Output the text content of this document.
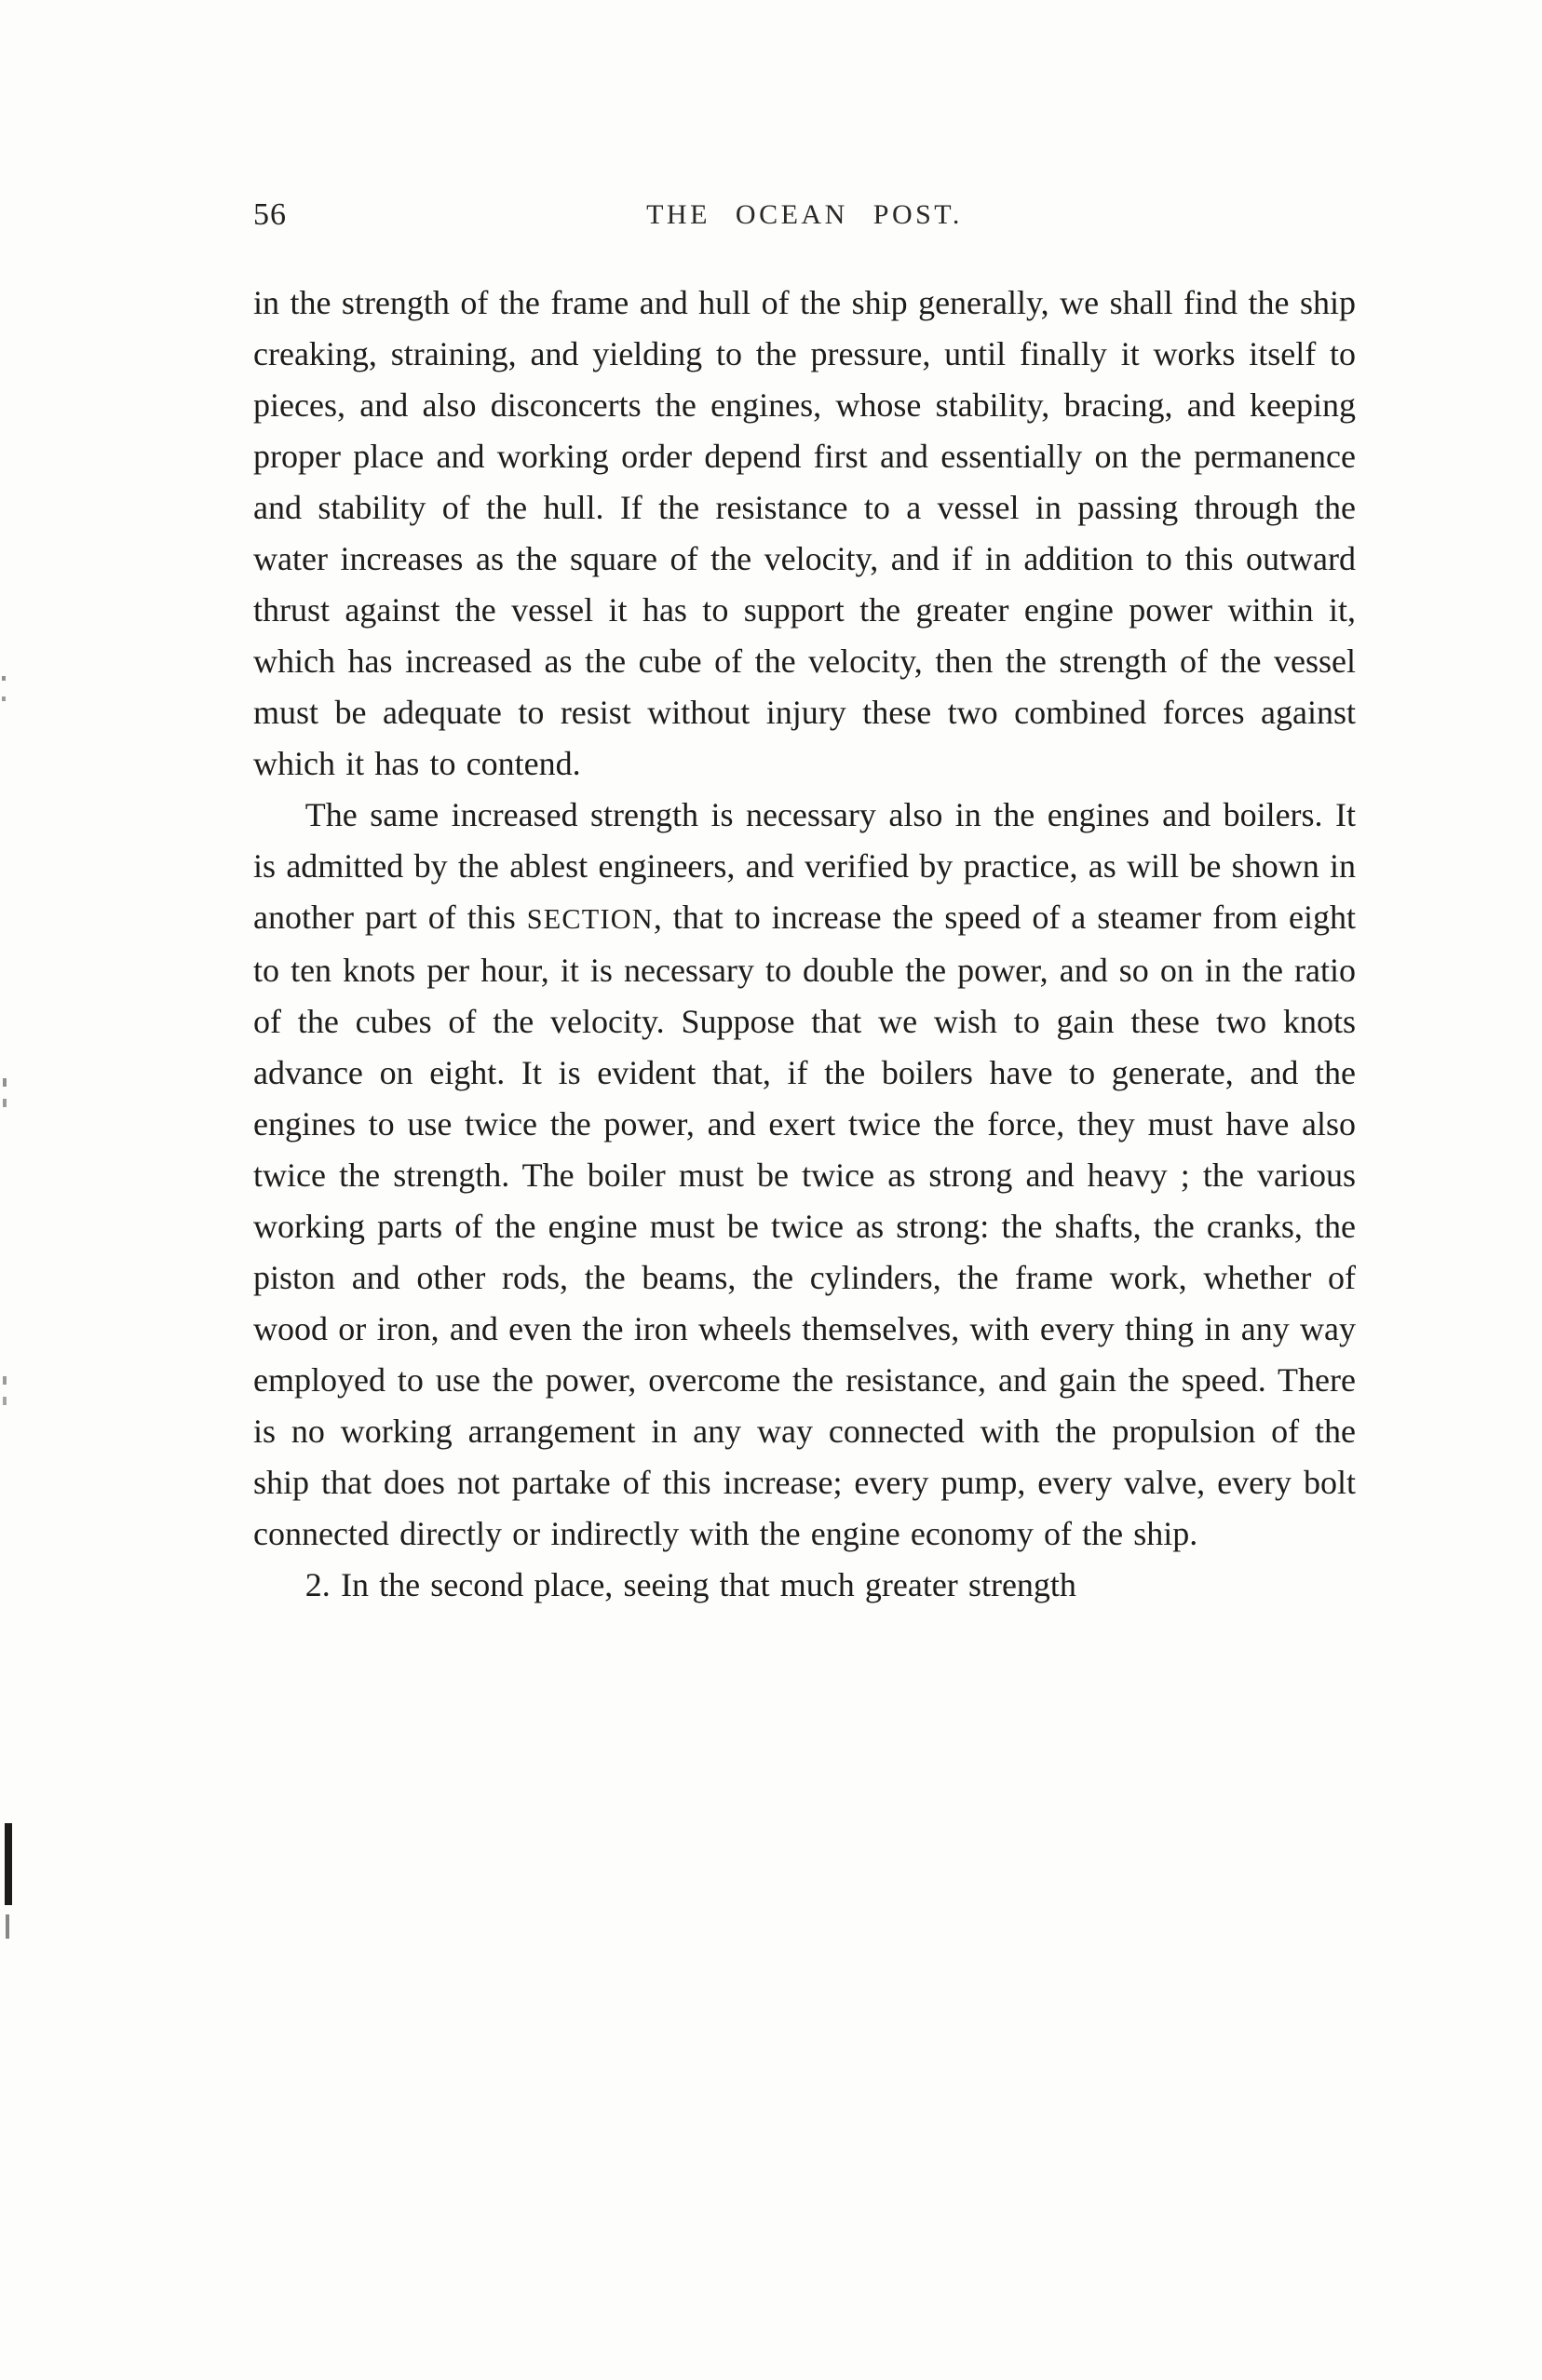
56	THE OCEAN POST.

in the strength of the frame and hull of the ship generally, we shall find the ship creaking, straining, and yielding to the pressure, until finally it works itself to pieces, and also disconcerts the engines, whose stability, bracing, and keeping proper place and working order depend first and essentially on the permanence and stability of the hull. If the resistance to a vessel in passing through the water increases as the square of the velocity, and if in addition to this outward thrust against the vessel it has to support the greater engine power within it, which has increased as the cube of the velocity, then the strength of the vessel must be adequate to resist without injury these two combined forces against which it has to contend.

The same increased strength is necessary also in the engines and boilers. It is admitted by the ablest engineers, and verified by practice, as will be shown in another part of this SECTION, that to increase the speed of a steamer from eight to ten knots per hour, it is necessary to double the power, and so on in the ratio of the cubes of the velocity. Suppose that we wish to gain these two knots advance on eight. It is evident that, if the boilers have to generate, and the engines to use twice the power, and exert twice the force, they must have also twice the strength. The boiler must be twice as strong and heavy ; the various working parts of the engine must be twice as strong: the shafts, the cranks, the piston and other rods, the beams, the cylinders, the frame work, whether of wood or iron, and even the iron wheels themselves, with every thing in any way employed to use the power, overcome the resistance, and gain the speed. There is no working arrangement in any way connected with the propulsion of the ship that does not partake of this increase; every pump, every valve, every bolt connected directly or indirectly with the engine economy of the ship.

2. In the second place, seeing that much greater strength
